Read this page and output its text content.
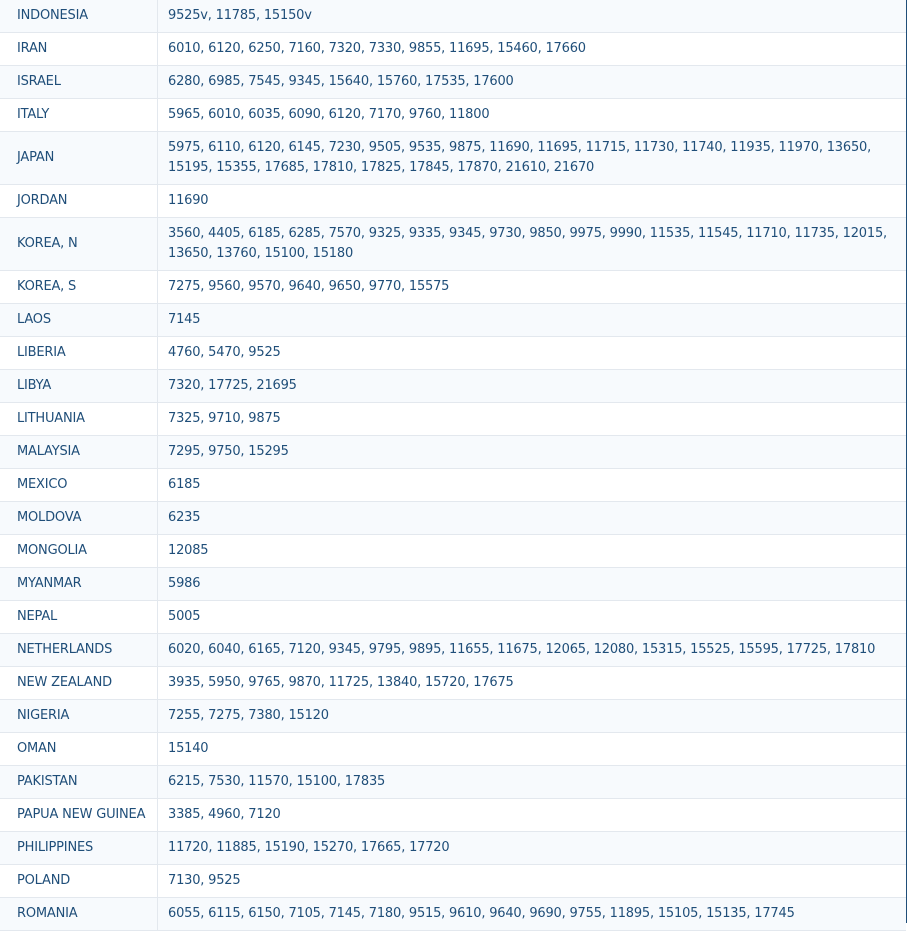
INDONESIA	9525v, 11785, 15150v
IRAN	6010, 6120, 6250, 7160, 7320, 7330, 9855, 11695, 15460, 17660
ISRAEL	6280, 6985, 7545, 9345, 15640, 15760, 17535, 17600
ITALY	5965, 6010, 6035, 6090, 6120, 7170, 9760, 11800
JAPAN	5975, 6110, 6120, 6145, 7230, 9505, 9535, 9875, 11690, 11695, 11715, 11730, 11740, 11935, 11970, 13650, 15195, 15355, 17685, 17810, 17825, 17845, 17870, 21610, 21670
JORDAN	11690
KOREA, N	3560, 4405, 6185, 6285, 7570, 9325, 9335, 9345, 9730, 9850, 9975, 9990, 11535, 11545, 11710, 11735, 12015, 13650, 13760, 15100, 15180
KOREA, S	7275, 9560, 9570, 9640, 9650, 9770, 15575
LAOS	7145
LIBERIA	4760, 5470, 9525
LIBYA	7320, 17725, 21695
LITHUANIA	7325, 9710, 9875
MALAYSIA	7295, 9750, 15295
MEXICO	6185
MOLDOVA	6235
MONGOLIA	12085
MYANMAR	5986
NEPAL	5005
NETHERLANDS	6020, 6040, 6165, 7120, 9345, 9795, 9895, 11655, 11675, 12065, 12080, 15315, 15525, 15595, 17725, 17810
NEW ZEALAND	3935, 5950, 9765, 9870, 11725, 13840, 15720, 17675
NIGERIA	7255, 7275, 7380, 15120
OMAN	15140
PAKISTAN	6215, 7530, 11570, 15100, 17835
PAPUA NEW GUINEA	3385, 4960, 7120
PHILIPPINES	11720, 11885, 15190, 15270, 17665, 17720
POLAND	7130, 9525
ROMANIA	6055, 6115, 6150, 7105, 7145, 7180, 9515, 9610, 9640, 9690, 9755, 11895, 15105, 15135, 17745
